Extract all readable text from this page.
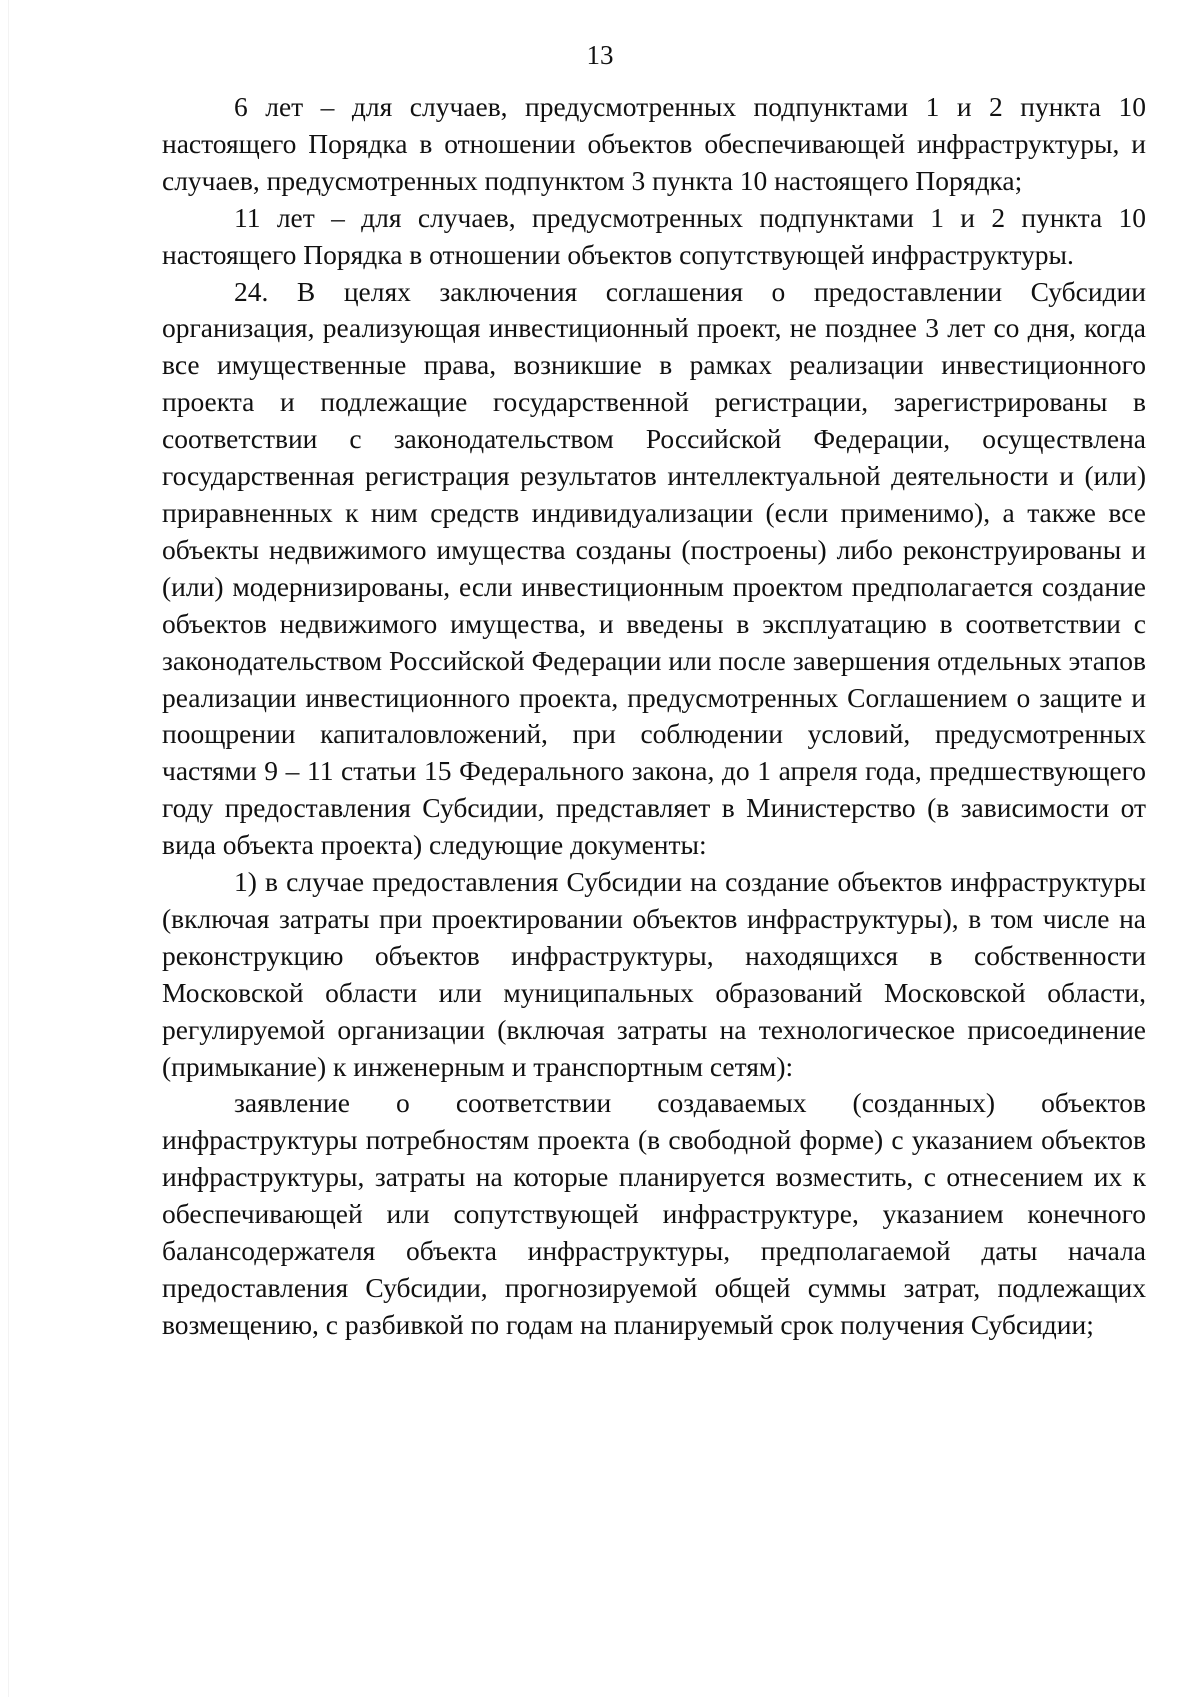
13

6 лет – для случаев, предусмотренных подпунктами 1 и 2 пункта 10 настоящего Порядка в отношении объектов обеспечивающей инфраструктуры, и случаев, предусмотренных подпунктом 3 пункта 10 настоящего Порядка;

11 лет – для случаев, предусмотренных подпунктами 1 и 2 пункта 10 настоящего Порядка в отношении объектов сопутствующей инфраструктуры.

24. В целях заключения соглашения о предоставлении Субсидии организация, реализующая инвестиционный проект, не позднее 3 лет со дня, когда все имущественные права, возникшие в рамках реализации инвестиционного проекта и подлежащие государственной регистрации, зарегистрированы в соответствии с законодательством Российской Федерации, осуществлена государственная регистрация результатов интеллектуальной деятельности и (или) приравненных к ним средств индивидуализации (если применимо), а также все объекты недвижимого имущества созданы (построены) либо реконструированы и (или) модернизированы, если инвестиционным проектом предполагается создание объектов недвижимого имущества, и введены в эксплуатацию в соответствии с законодательством Российской Федерации или после завершения отдельных этапов реализации инвестиционного проекта, предусмотренных Соглашением о защите и поощрении капиталовложений, при соблюдении условий, предусмотренных частями 9 – 11 статьи 15 Федерального закона, до 1 апреля года, предшествующего году предоставления Субсидии, представляет в Министерство (в зависимости от вида объекта проекта) следующие документы:

1) в случае предоставления Субсидии на создание объектов инфраструктуры (включая затраты при проектировании объектов инфраструктуры), в том числе на реконструкцию объектов инфраструктуры, находящихся в собственности Московской области или муниципальных образований Московской области, регулируемой организации (включая затраты на технологическое присоединение (примыкание) к инженерным и транспортным сетям):

заявление о соответствии создаваемых (созданных) объектов инфраструктуры потребностям проекта (в свободной форме) с указанием объектов инфраструктуры, затраты на которые планируется возместить, с отнесением их к обеспечивающей или сопутствующей инфраструктуре, указанием конечного балансодержателя объекта инфраструктуры, предполагаемой даты начала предоставления Субсидии, прогнозируемой общей суммы затрат, подлежащих возмещению, с разбивкой по годам на планируемый срок получения Субсидии;
